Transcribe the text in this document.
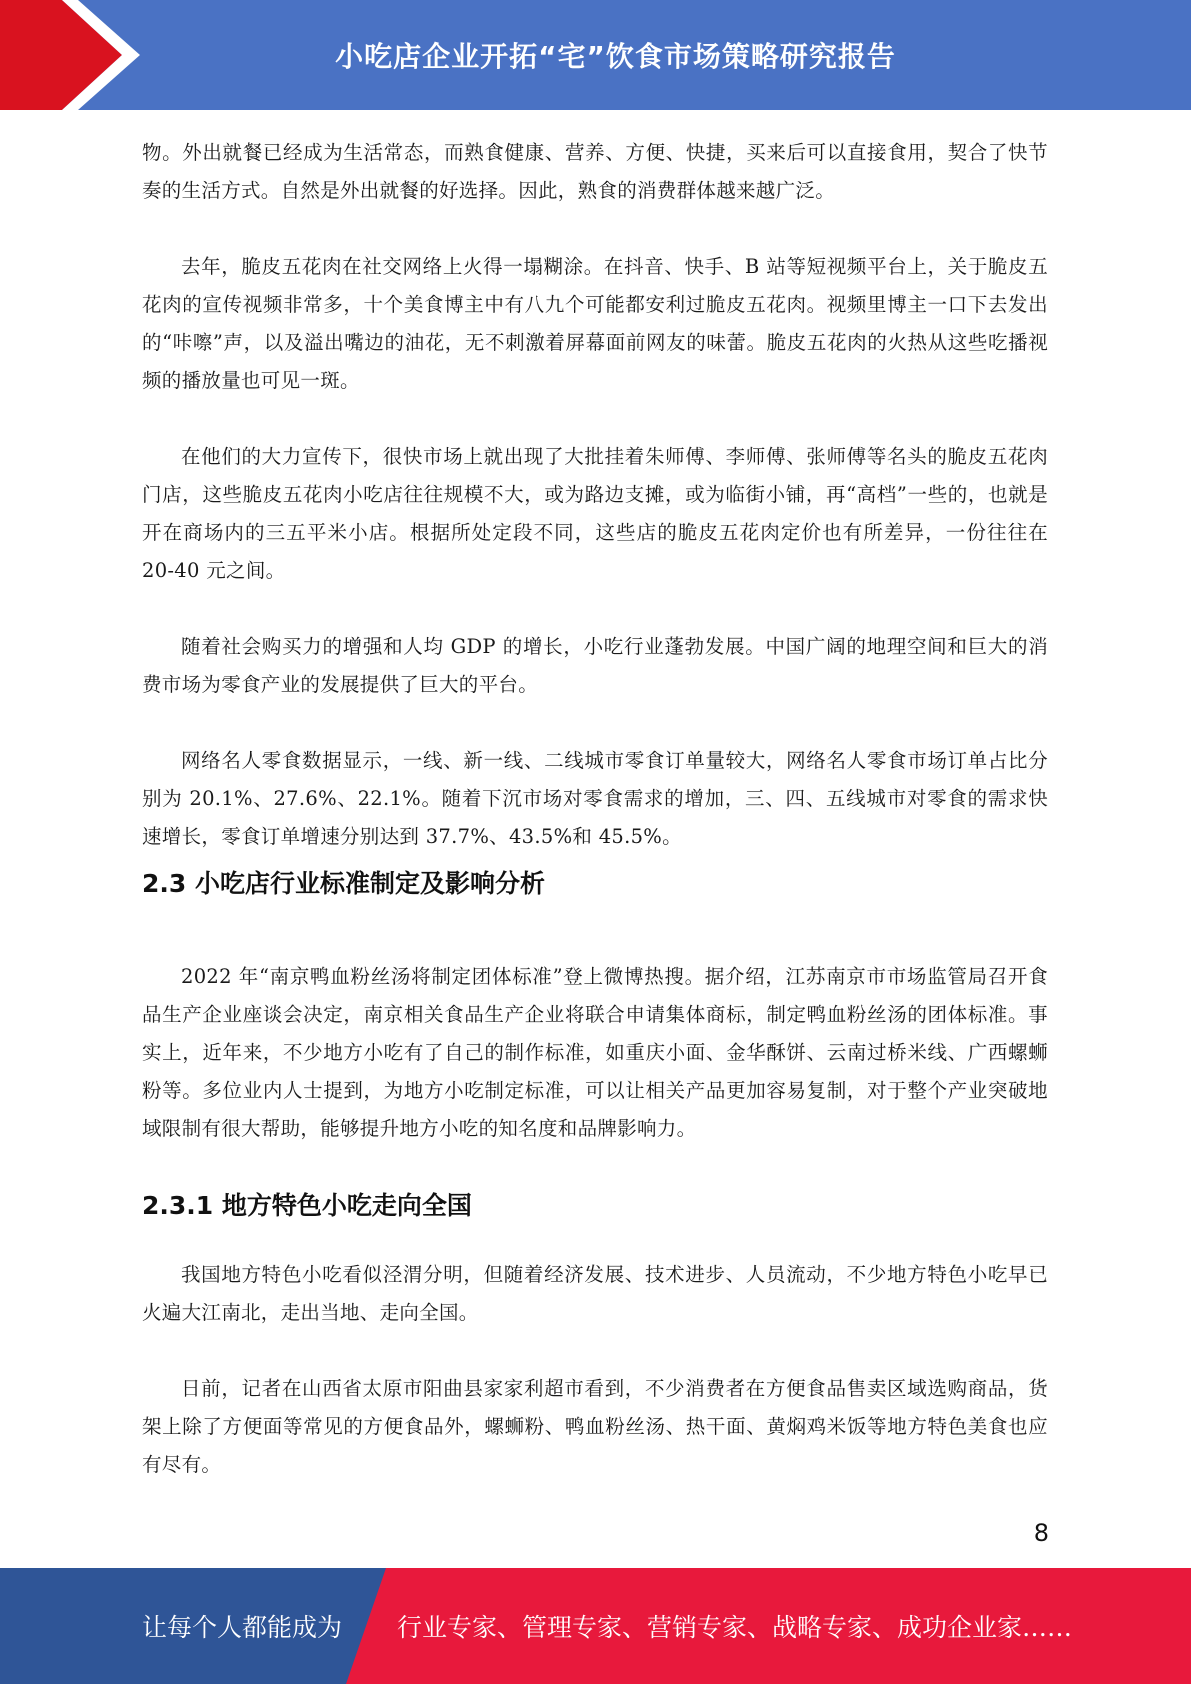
小吃店企业开拓“宅”饮食市场策略研究报告

物。外出就餐已经成为生活常态，而熟食健康、营养、方便、快捷，买来后可以直接食用，契合了快节奏的生活方式。自然是外出就餐的好选择。因此，熟食的消费群体越来越广泛。

去年，脆皮五花肉在社交网络上火得一塌糊涂。在抖音、快手、B 站等短视频平台上，关于脆皮五花肉的宣传视频非常多，十个美食博主中有八九个可能都安利过脆皮五花肉。视频里博主一口下去发出的“咔嚓”声，以及溢出嘴边的油花，无不刺激着屏幕面前网友的味蕾。脆皮五花肉的火热从这些吃播视频的播放量也可见一斑。

在他们的大力宣传下，很快市场上就出现了大批挂着朱师傅、李师傅、张师傅等名头的脆皮五花肉门店，这些脆皮五花肉小吃店往往规模不大，或为路边支摊，或为临街小铺，再“高档”一些的，也就是开在商场内的三五平米小店。根据所处定段不同，这些店的脆皮五花肉定价也有所差异，一份往往在 20-40 元之间。

随着社会购买力的增强和人均 GDP 的增长，小吃行业蓬勃发展。中国广阔的地理空间和巨大的消费市场为零食产业的发展提供了巨大的平台。

网络名人零食数据显示，一线、新一线、二线城市零食订单量较大，网络名人零食市场订单占比分别为 20.1%、27.6%、22.1%。随着下沉市场对零食需求的增加，三、四、五线城市对零食的需求快速增长，零食订单增速分别达到 37.7%、43.5%和 45.5%。

2.3 小吃店行业标准制定及影响分析

2022 年“南京鸭血粉丝汤将制定团体标准”登上微博热搜。据介绍，江苏南京市市场监管局召开食品生产企业座谈会决定，南京相关食品生产企业将联合申请集体商标，制定鸭血粉丝汤的团体标准。事实上，近年来，不少地方小吃有了自己的制作标准，如重庆小面、金华酥饼、云南过桥米线、广西螺蛳粉等。多位业内人士提到，为地方小吃制定标准，可以让相关产品更加容易复制，对于整个产业突破地域限制有很大帮助，能够提升地方小吃的知名度和品牌影响力。

2.3.1 地方特色小吃走向全国

我国地方特色小吃看似泾渭分明，但随着经济发展、技术进步、人员流动，不少地方特色小吃早已火遍大江南北，走出当地、走向全国。

日前，记者在山西省太原市阳曲县家家利超市看到，不少消费者在方便食品售卖区域选购商品，货架上除了方便面等常见的方便食品外，螺蛳粉、鸭血粉丝汤、热干面、黄焖鸡米饭等地方特色美食也应有尽有。

8
让每个人都能成为 行业专家、管理专家、营销专家、战略专家、成功企业家……
